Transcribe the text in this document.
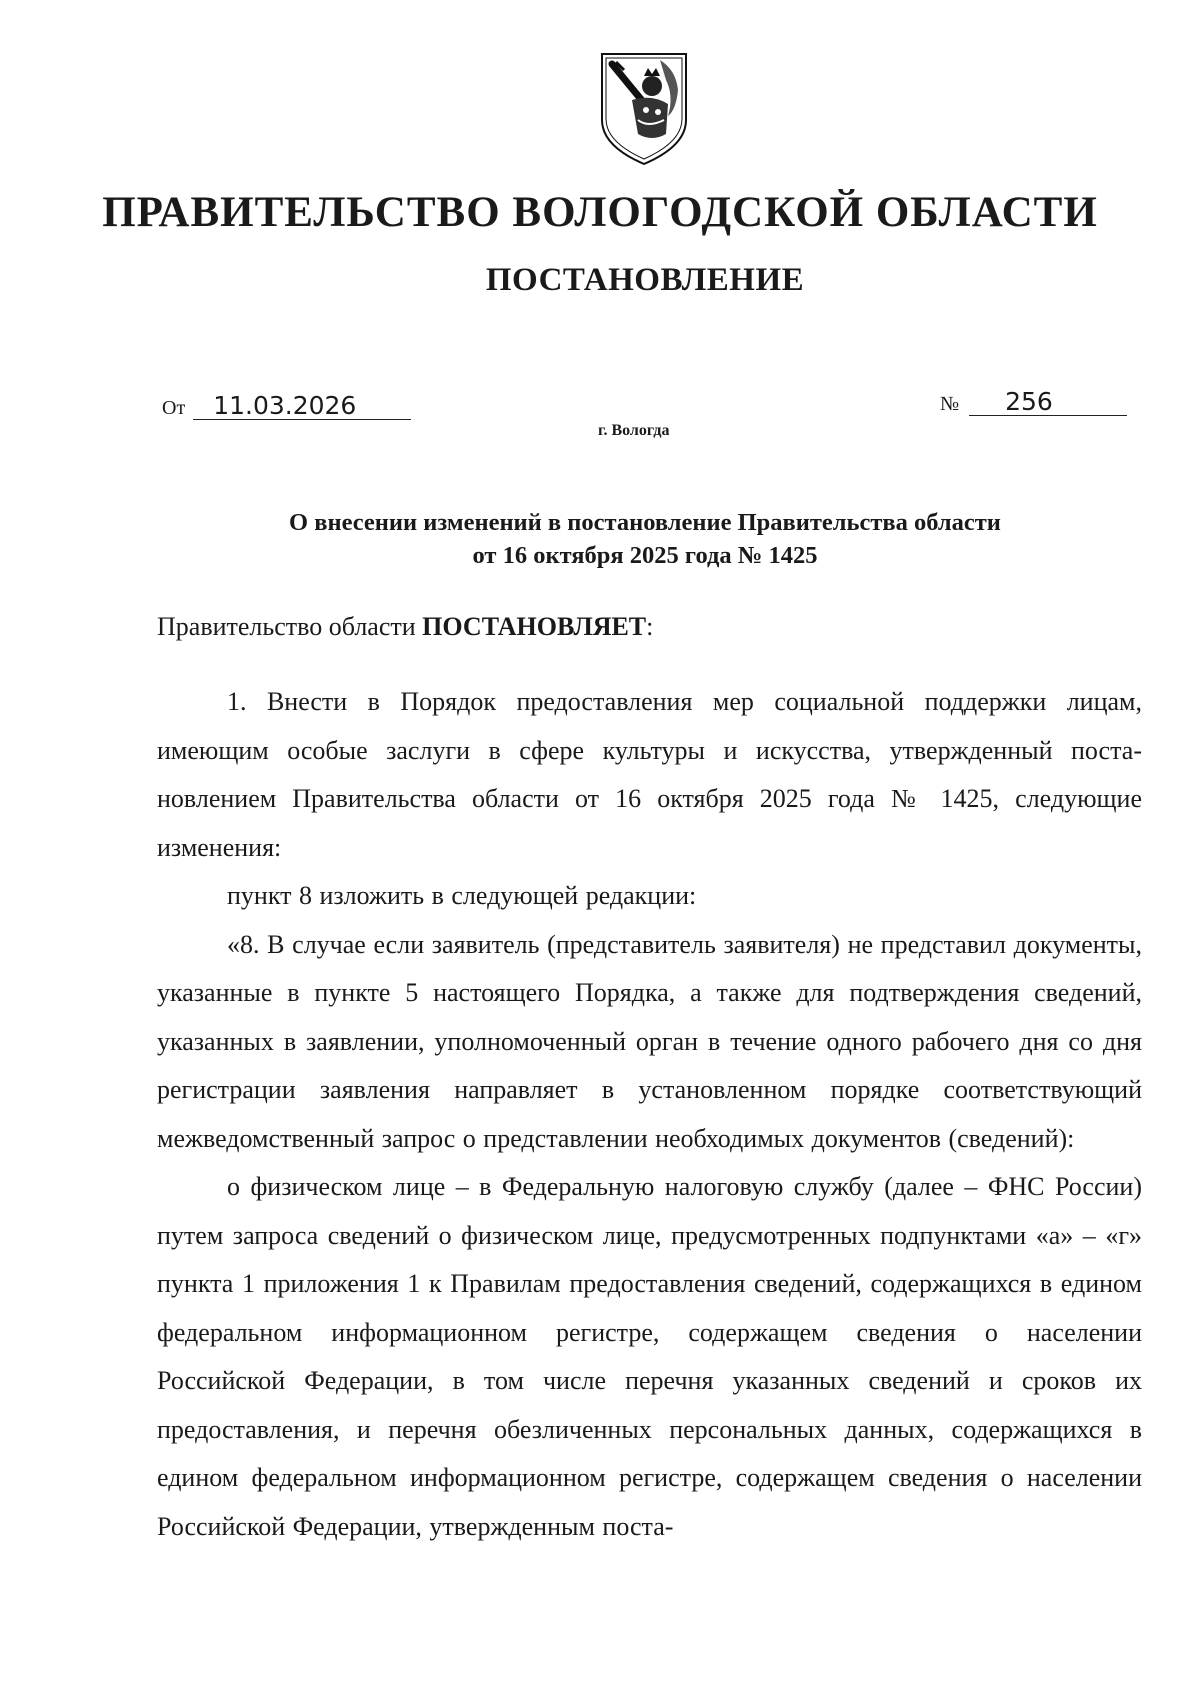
ПРАВИТЕЛЬСТВО ВОЛОГОДСКОЙ ОБЛАСТИ
ПОСТАНОВЛЕНИЕ
От 11.03.2026	№ 256
г. Вологда
О внесении изменений в постановление Правительства области
от 16 октября 2025 года № 1425
Правительство области ПОСТАНОВЛЯЕТ:

1. Внести в Порядок предоставления мер социальной поддержки лицам, имеющим особые заслуги в сфере культуры и искусства, утвержденный постановлением Правительства области от 16 октября 2025 года № 1425, следующие изменения:

пункт 8 изложить в следующей редакции:

«8. В случае если заявитель (представитель заявителя) не представил документы, указанные в пункте 5 настоящего Порядка, а также для подтверждения сведений, указанных в заявлении, уполномоченный орган в течение одного рабочего дня со дня регистрации заявления направляет в установленном порядке соответствующий межведомственный запрос о представлении необходимых документов (сведений):

о физическом лице – в Федеральную налоговую службу (далее – ФНС России) путем запроса сведений о физическом лице, предусмотренных подпунктами «а» – «г» пункта 1 приложения 1 к Правилам предоставления сведений, содержащихся в едином федеральном информационном регистре, содержащем сведения о населении Российской Федерации, в том числе перечня указанных сведений и сроков их предоставления, и перечня обезличенных персональных данных, содержащихся в едином федеральном информационном регистре, содержащем сведения о населении Российской Федерации, утвержденным поста-
